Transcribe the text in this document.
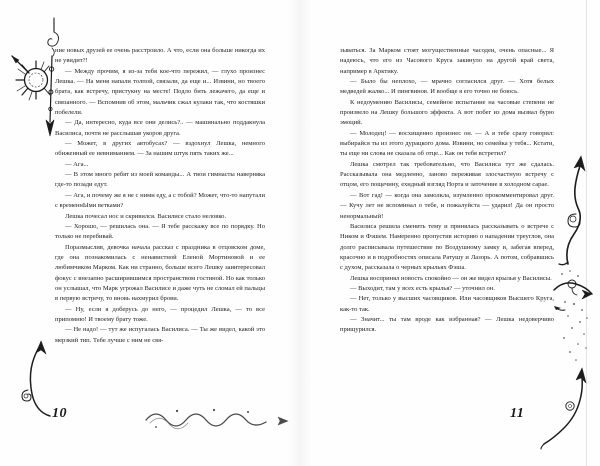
ние новых друзей ее очень расстроило. А что, если она больше никогда их не увидит?!

— Между прочим, я из-за тебя кое-что пережил, — глухо произнес Лешка. — На меня напали толпой, связали, да еще и... Извини, но твоего брата, как встречу, пристукну на месте! Подло бить лежачего, да еще и связанного. — Вспомнив об этом, мальчик сжал кулаки так, что костяшки побелели.

— Да, интересно, куда все они делись?.. — машинально поддакнула Василиса, почти не расслышав укоров друга.

— Может, в других автобусах? — вздохнул Лешка, немного обиженный ее невниманием. — За нашим штук пять таких же...

— Ага...

— В этом много ребят из моей команды... А твои гимнасты наверняка где-то позади едут.

— Ага, и почему же я не с ними еду, а с тобой? Может, что-то напутали с временнЫми ветками?

Лешка почесал нос и скривился. Василисе стало неловко.

— Хорошо, — решилась она. — Я тебе расскажу все по порядку. Но только не перебивай.

Поразмыслив, девочка начала рассказ с праздника в отцовском доме, где она познакомилась с ненавистной Еленой Мортиновой и ее любимчиком Марком. Как ни странно, больше всего Лешку заинтересовал фокус с внезапно расширившимся пространством гостиной. Но как только он услышал, что Марк угрожал Василисе и даже чуть не сломал ей пальцы в первую встречу, то вновь нахмурил брови.

— Ну, если я доберусь до него, — процедил Лешка, — то все припомню! И твоему брату тоже.

— Не надо! — тут же испугалась Василиса. — Ты же видел, какой это мерзкий тип. Тебе лучше с ним не свя-

зываться. За Марком стоят могущественные часодеи, очень опасные... Я надеюсь, что его из Часового Круга закинуло на другой край света, например в Арктику.

— Было бы неплохо, — мрачно согласился друг. — Хотя белых медведей жалко... И пингвинов. И вообще я его точно не боюсь.

К недоумению Василисы, семейное испытание на часовые степени не произвело на Лешку большого эффекта. А вот побег из дома вызвал бурю эмоций.

— Молодец! — восхищенно произнес он. — А я тебе сразу говорил: выбирайся ты из этого дурацкого дома. Извини, но семейка у тебя... Кстати, ты еще ни слова не сказала об отце... Как он тебя встретил?

Лешка смотрел так требовательно, что Василиса тут же сдалась. Рассказывала она медленно, заново переживая злосчастную встречу с отцом, его пощечину, ехидный взгляд Норта и заточение в холодном сарае.

— Вот гад! — когда она замолкла, изумленно прокомментировал друг. — Кучу лет не вспоминал о тебе, и пожалуйста — ударил! Да он просто ненормальный!

Василиса решила сменить тему и принялась рассказывать о встрече с Ником и Фэшем. Намеренно пропустив историю о нападении треуглов, она долго расписывала путешествие по Воздушному замку и, забегая вперед, красочно и в подробностях описала Ратушу и Лазорь. А потом, собравшись с духом, рассказала о черных крыльях Фэша.

Лешка воспринял новость спокойно — он же видел крылья у Василисы.

— Выходит, там у всех есть крылья? — уточнил он.

— Нет, только у высших часовщиков. Или часовщиков Высшего Круга, как-то так.

— Значит... ты там вроде как избранная? — Лешка недоверчиво прищурился.

10	11
